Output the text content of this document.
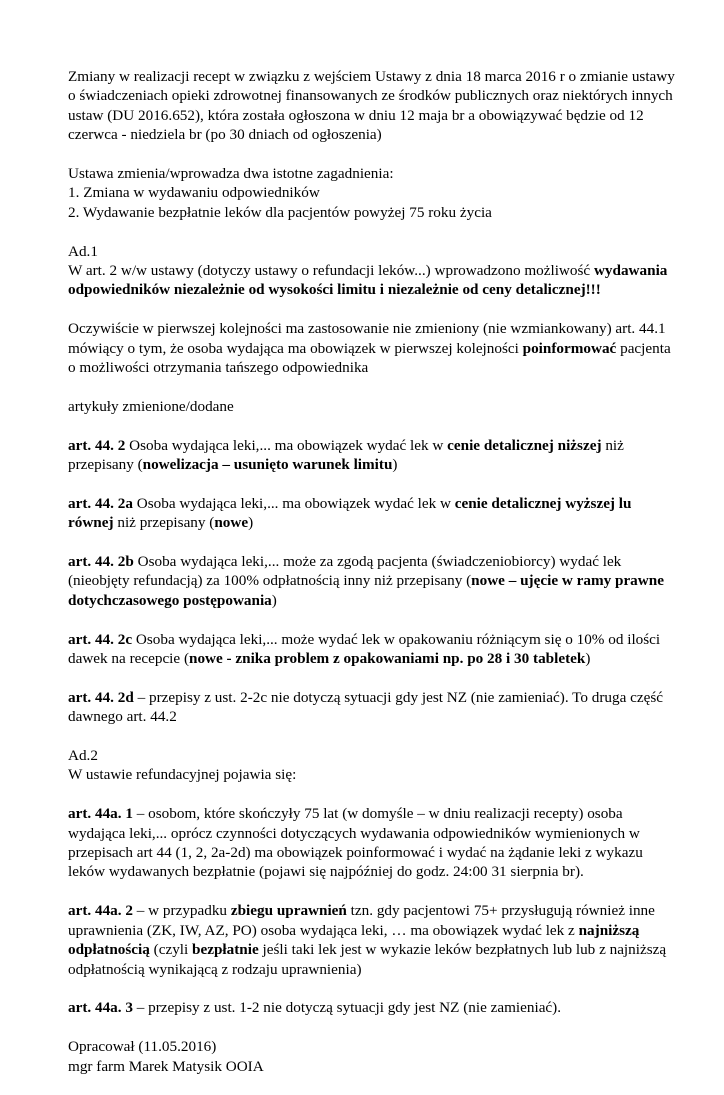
Zmiany w realizacji recept w związku z wejściem Ustawy z dnia 18 marca 2016 r o zmianie ustawy
o świadczeniach opieki zdrowotnej finansowanych ze środków publicznych oraz niektórych innych
ustaw (DU 2016.652), która została ogłoszona w dniu 12 maja br a obowiązywać będzie od 12
czerwca - niedziela br (po 30 dniach od ogłoszenia)
Ustawa zmienia/wprowadza dwa istotne zagadnienia:
1. Zmiana w wydawaniu odpowiedników
2. Wydawanie bezpłatnie leków dla pacjentów powyżej 75 roku życia
Ad.1
W art. 2 w/w ustawy (dotyczy ustawy o refundacji leków...) wprowadzono możliwość wydawania
odpowiedników niezależnie od wysokości limitu i niezależnie od ceny detalicznej!!!
Oczywiście w pierwszej kolejności ma zastosowanie nie zmieniony (nie wzmiankowany) art. 44.1
mówiący o tym, że osoba wydająca ma obowiązek w pierwszej kolejności poinformować pacjenta
o możliwości otrzymania tańszego odpowiednika
artykuły zmienione/dodane
art. 44. 2 Osoba wydająca leki,... ma obowiązek wydać lek w cenie detalicznej niższej niż
przepisany (nowelizacja – usunięto warunek limitu)
art. 44. 2a Osoba wydająca leki,... ma obowiązek wydać lek w cenie detalicznej wyższej lu
równej niż przepisany (nowe)
art. 44. 2b Osoba wydająca leki,... może za zgodą pacjenta (świadczeniobiorcy) wydać lek
(nieobjęty refundacją) za 100% odpłatnością inny niż przepisany (nowe – ujęcie w ramy prawne
dotychczasowego postępowania)
art. 44. 2c Osoba wydająca leki,... może wydać lek w opakowaniu różniącym się o 10% od ilości
dawek na recepcie (nowe - znika problem z opakowaniami np. po 28 i 30 tabletek)
art. 44. 2d – przepisy z ust. 2-2c nie dotyczą sytuacji gdy jest NZ (nie zamieniać). To druga część
dawnego art. 44.2
Ad.2
W ustawie refundacyjnej pojawia się:
art. 44a. 1 – osobom, które skończyły 75 lat (w domyśle – w dniu realizacji recepty) osoba
wydająca leki,... oprócz czynności dotyczących wydawania odpowiedników wymienionych w
przepisach art 44 (1, 2, 2a-2d) ma obowiązek poinformować i wydać na żądanie leki z wykazu
leków wydawanych bezpłatnie (pojawi się najpóźniej do godz. 24:00 31 sierpnia br).
art. 44a. 2 – w przypadku zbiegu uprawnień tzn. gdy pacjentowi 75+ przysługują również inne
uprawnienia (ZK, IW, AZ, PO) osoba wydająca leki, … ma obowiązek wydać lek z najniższą
odpłatnością (czyli bezpłatnie jeśli taki lek jest w wykazie leków bezpłatnych lub lub z najniższą
odpłatnością wynikającą z rodzaju uprawnienia)
art. 44a. 3 – przepisy z ust. 1-2 nie dotyczą sytuacji gdy jest NZ (nie zamieniać).
Opracował (11.05.2016)
mgr farm Marek Matysik OOIA
